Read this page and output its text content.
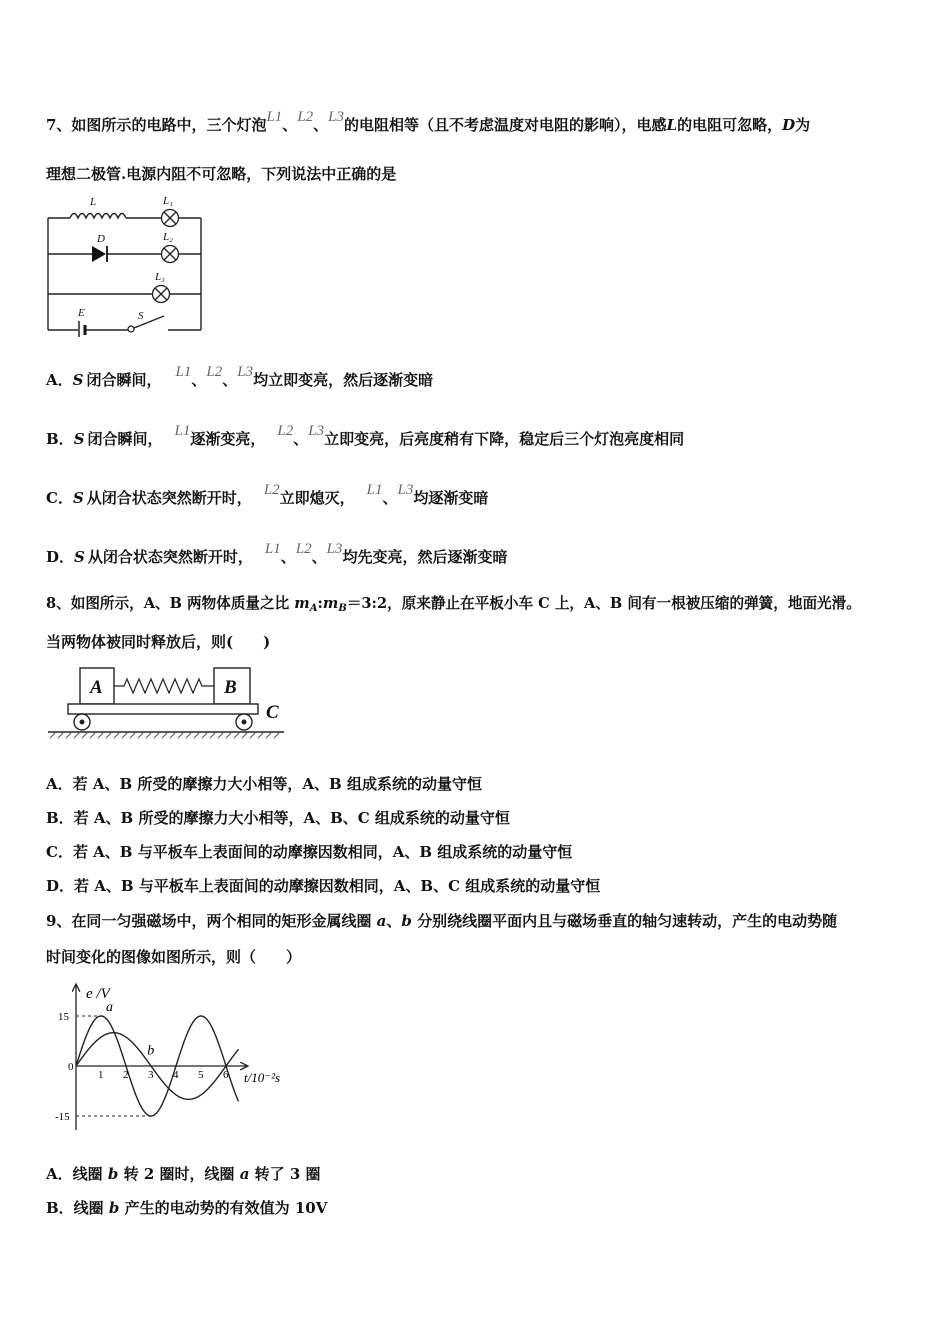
7、如图所示的电路中，三个灯泡L1、L2、L3的电阻相等（且不考虑温度对电阻的影响），电感L的电阻可忽略，D为
理想二极管.电源内阻不可忽略，下列说法中正确的是
L
D
L₁
L₂
L₃
E	S
A．S 闭合瞬间， L1、L2、L3均立即变亮，然后逐渐变暗
B．S 闭合瞬间， L1逐渐变亮， L2、L3立即变亮，后亮度稍有下降，稳定后三个灯泡亮度相同
C．S 从闭合状态突然断开时， L2立即熄灭， L1、L3均逐渐变暗
D．S 从闭合状态突然断开时， L1、L2、L3均先变亮，然后逐渐变暗
8、如图所示，A、B 两物体质量之比 $m_A:m_B=3:2$，原来静止在平板小车 C 上，A、B 间有一根被压缩的弹簧，地面光滑。
当两物体被同时释放后，则(　　)
A	B
C
A．若 A、B 所受的摩擦力大小相等，A、B 组成系统的动量守恒
B．若 A、B 所受的摩擦力大小相等，A、B、C 组成系统的动量守恒
C．若 A、B 与平板车上表面间的动摩擦因数相同，A、B 组成系统的动量守恒
D．若 A、B 与平板车上表面间的动摩擦因数相同，A、B、C 组成系统的动量守恒
9、在同一匀强磁场中，两个相同的矩形金属线圈 a、b 分别绕线圈平面内且与磁场垂直的轴匀速转动，产生的电动势随
时间变化的图像如图所示，则（　　）
e /V
t/10⁻²s
15
0
-15
1 2 3 4 5 6
a
b
A．线圈 b 转 2 圈时，线圈 a 转了 3 圈
B．线圈 b 产生的电动势的有效值为 10V
